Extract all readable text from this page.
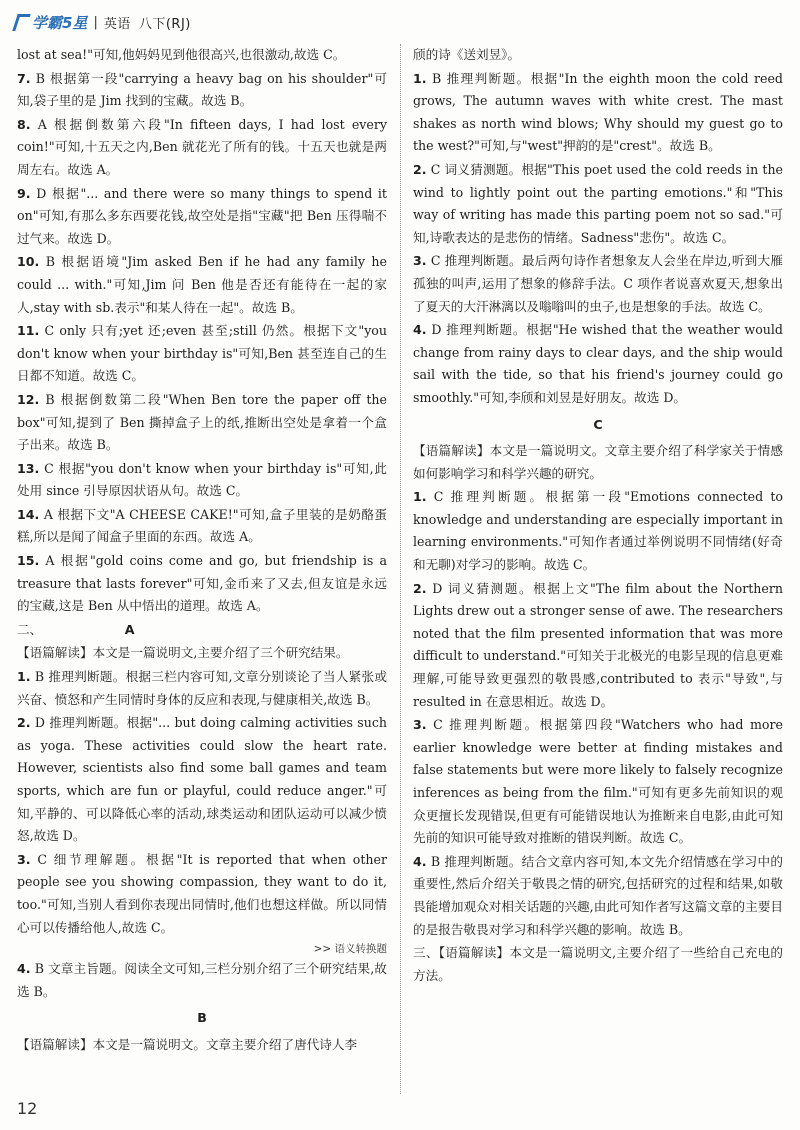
学霸5星 | 英语 八下(RJ)

lost at sea!"可知,他妈妈见到他很高兴,也很激动,故选 C。

7. B 根据第一段"carrying a heavy bag on his shoulder"可知,袋子里的是 Jim 找到的宝藏。故选 B。

8. A 根据倒数第六段"In fifteen days, I had lost every coin!"可知,十五天之内,Ben 就花光了所有的钱。十五天也就是两周左右。故选 A。

9. D 根据"... and there were so many things to spend it on"可知,有那么多东西要花钱,故空处是指"宝藏"把 Ben 压得喘不过气来。故选 D。

10. B 根据语境"Jim asked Ben if he had any family he could ... with."可知,Jim 问 Ben 他是否还有能待在一起的家人,stay with sb.表示"和某人待在一起"。故选 B。

11. C only 只有;yet 还;even 甚至;still 仍然。根据下文"you don't know when your birthday is"可知,Ben 甚至连自己的生日都不知道。故选 C。

12. B 根据倒数第二段"When Ben tore the paper off the box"可知,提到了 Ben 撕掉盒子上的纸,推断出空处是拿着一个盒子出来。故选 B。

13. C 根据"you don't know when your birthday is"可知,此处用 since 引导原因状语从句。故选 C。

14. A 根据下文"A CHEESE CAKE!"可知,盒子里装的是奶酪蛋糕,所以是闻了闻盒子里面的东西。故选 A。

15. A 根据"gold coins come and go, but friendship is a treasure that lasts forever"可知,金币来了又去,但友谊是永远的宝藏,这是 Ben 从中悟出的道理。故选 A。

二、	A

【语篇解读】本文是一篇说明文,主要介绍了三个研究结果。

1. B 推理判断题。根据三栏内容可知,文章分别谈论了当人紧张或兴奋、愤怒和产生同情时身体的反应和表现,与健康相关,故选 B。

2. D 推理判断题。根据"... but doing calming activities such as yoga. These activities could slow the heart rate. However, scientists also find some ball games and team sports, which are fun or playful, could reduce anger."可知,平静的、可以降低心率的活动,球类运动和团队运动可以减少愤怒,故选 D。

3. C 细节理解题。根据"It is reported that when other people see you showing compassion, they want to do it, too."可知,当别人看到你表现出同情时,他们也想这样做。所以同情心可以传播给他人,故选 C。

>> 语义转换题

4. B 文章主旨题。阅读全文可知,三栏分别介绍了三个研究结果,故选 B。

B

【语篇解读】本文是一篇说明文。文章主要介绍了唐代诗人李

颀的诗《送刘昱》。

1. B 推理判断题。根据"In the eighth moon the cold reed grows, The autumn waves with white crest. The mast shakes as north wind blows; Why should my guest go to the west?"可知,与"west"押韵的是"crest"。故选 B。

2. C 词义猜测题。根据"This poet used the cold reeds in the wind to lightly point out the parting emotions."和"This way of writing has made this parting poem not so sad."可知,诗歌表达的是悲伤的情绪。Sadness"悲伤"。故选 C。

3. C 推理判断题。最后两句诗作者想象友人会坐在岸边,听到大雁孤独的叫声,运用了想象的修辞手法。C 项作者说喜欢夏天,想象出了夏天的大汗淋漓以及嗡嗡叫的虫子,也是想象的手法。故选 C。

4. D 推理判断题。根据"He wished that the weather would change from rainy days to clear days, and the ship would sail with the tide, so that his friend's journey could go smoothly."可知,李颀和刘昱是好朋友。故选 D。

C

【语篇解读】本文是一篇说明文。文章主要介绍了科学家关于情感如何影响学习和科学兴趣的研究。

1. C 推理判断题。根据第一段"Emotions connected to knowledge and understanding are especially important in learning environments."可知作者通过举例说明不同情绪(好奇和无聊)对学习的影响。故选 C。

2. D 词义猜测题。根据上文"The film about the Northern Lights drew out a stronger sense of awe. The researchers noted that the film presented information that was more difficult to understand."可知关于北极光的电影呈现的信息更难理解,可能导致更强烈的敬畏感,contributed to 表示"导致",与 resulted in 在意思相近。故选 D。

3. C 推理判断题。根据第四段"Watchers who had more earlier knowledge were better at finding mistakes and false statements but were more likely to falsely recognize inferences as being from the film."可知有更多先前知识的观众更擅长发现错误,但更有可能错误地认为推断来自电影,由此可知先前的知识可能导致对推断的错误判断。故选 C。

4. B 推理判断题。结合文章内容可知,本文先介绍情感在学习中的重要性,然后介绍关于敬畏之情的研究,包括研究的过程和结果,如敬畏能增加观众对相关话题的兴趣,由此可知作者写这篇文章的主要目的是报告敬畏对学习和科学兴趣的影响。故选 B。

三、【语篇解读】本文是一篇说明文,主要介绍了一些给自己充电的方法。

12
